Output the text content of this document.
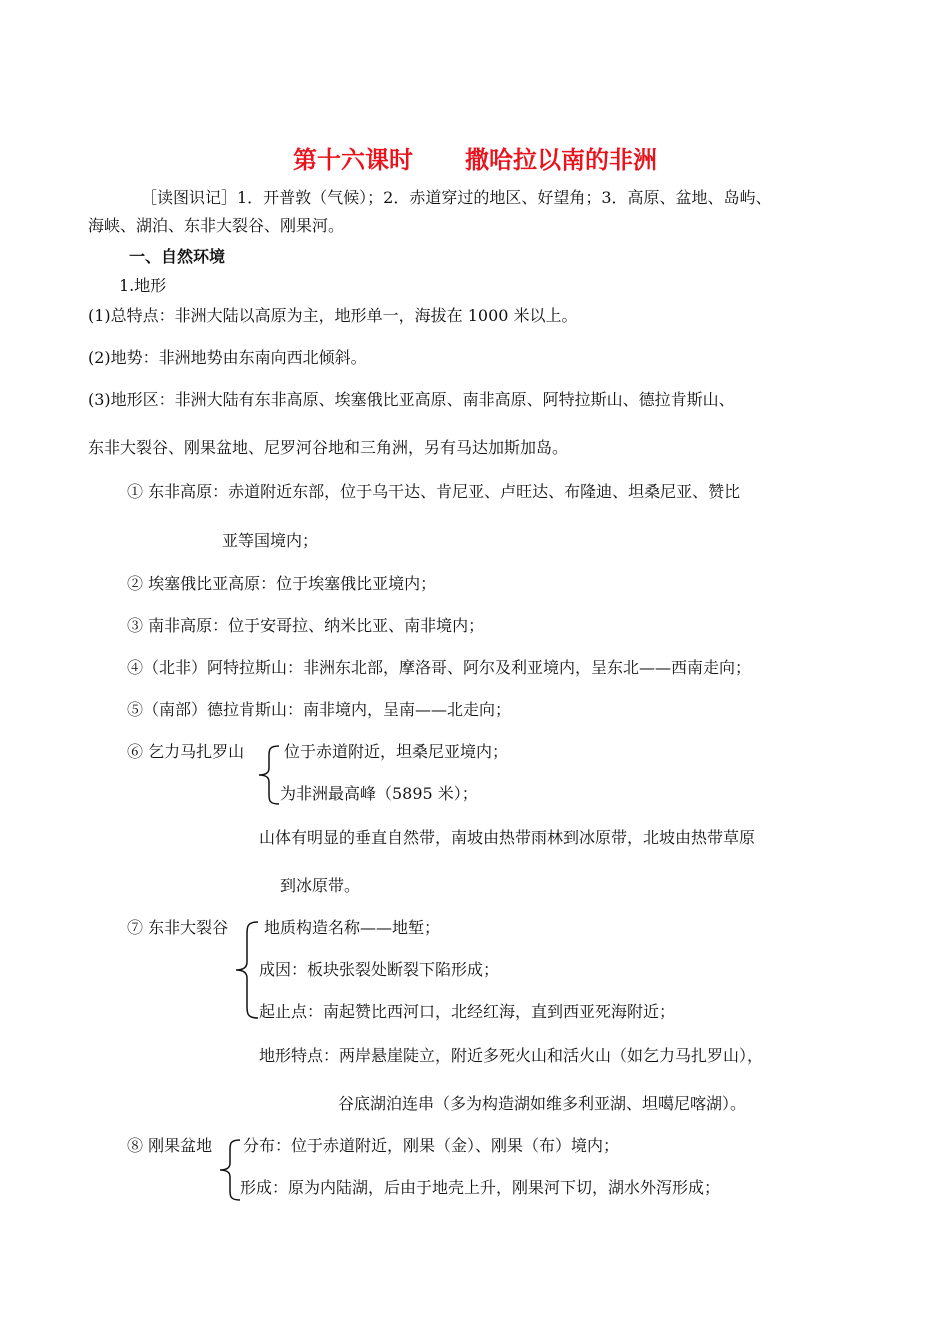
第十六课时 撒哈拉以南的非洲
［读图识记］1．开普敦（气候）；2．赤道穿过的地区、好望角；3．高原、盆地、岛屿、
海峡、湖泊、东非大裂谷、刚果河。
一、自然环境
1.地形
(1)总特点：非洲大陆以高原为主，地形单一，海拔在 1000 米以上。
(2)地势：非洲地势由东南向西北倾斜。
(3)地形区：非洲大陆有东非高原、埃塞俄比亚高原、南非高原、阿特拉斯山、德拉肯斯山、
东非大裂谷、刚果盆地、尼罗河谷地和三角洲，另有马达加斯加岛。
① 东非高原：赤道附近东部，位于乌干达、肯尼亚、卢旺达、布隆迪、坦桑尼亚、赞比
亚等国境内；
② 埃塞俄比亚高原：位于埃塞俄比亚境内；
③ 南非高原：位于安哥拉、纳米比亚、南非境内；
④（北非）阿特拉斯山：非洲东北部，摩洛哥、阿尔及利亚境内，呈东北——西南走向；
⑤（南部）德拉肯斯山：南非境内，呈南——北走向；
⑥ 乞力马扎罗山 位于赤道附近，坦桑尼亚境内；
为非洲最高峰（5895 米）；
山体有明显的垂直自然带，南坡由热带雨林到冰原带，北坡由热带草原
到冰原带。
⑦ 东非大裂谷 地质构造名称——地堑；
成因：板块张裂处断裂下陷形成；
起止点：南起赞比西河口，北经红海，直到西亚死海附近；
地形特点：两岸悬崖陡立，附近多死火山和活火山（如乞力马扎罗山），
谷底湖泊连串（多为构造湖如维多利亚湖、坦噶尼喀湖）。
⑧ 刚果盆地 分布：位于赤道附近，刚果（金）、刚果（布）境内；
形成：原为内陆湖，后由于地壳上升，刚果河下切，湖水外泻形成；
